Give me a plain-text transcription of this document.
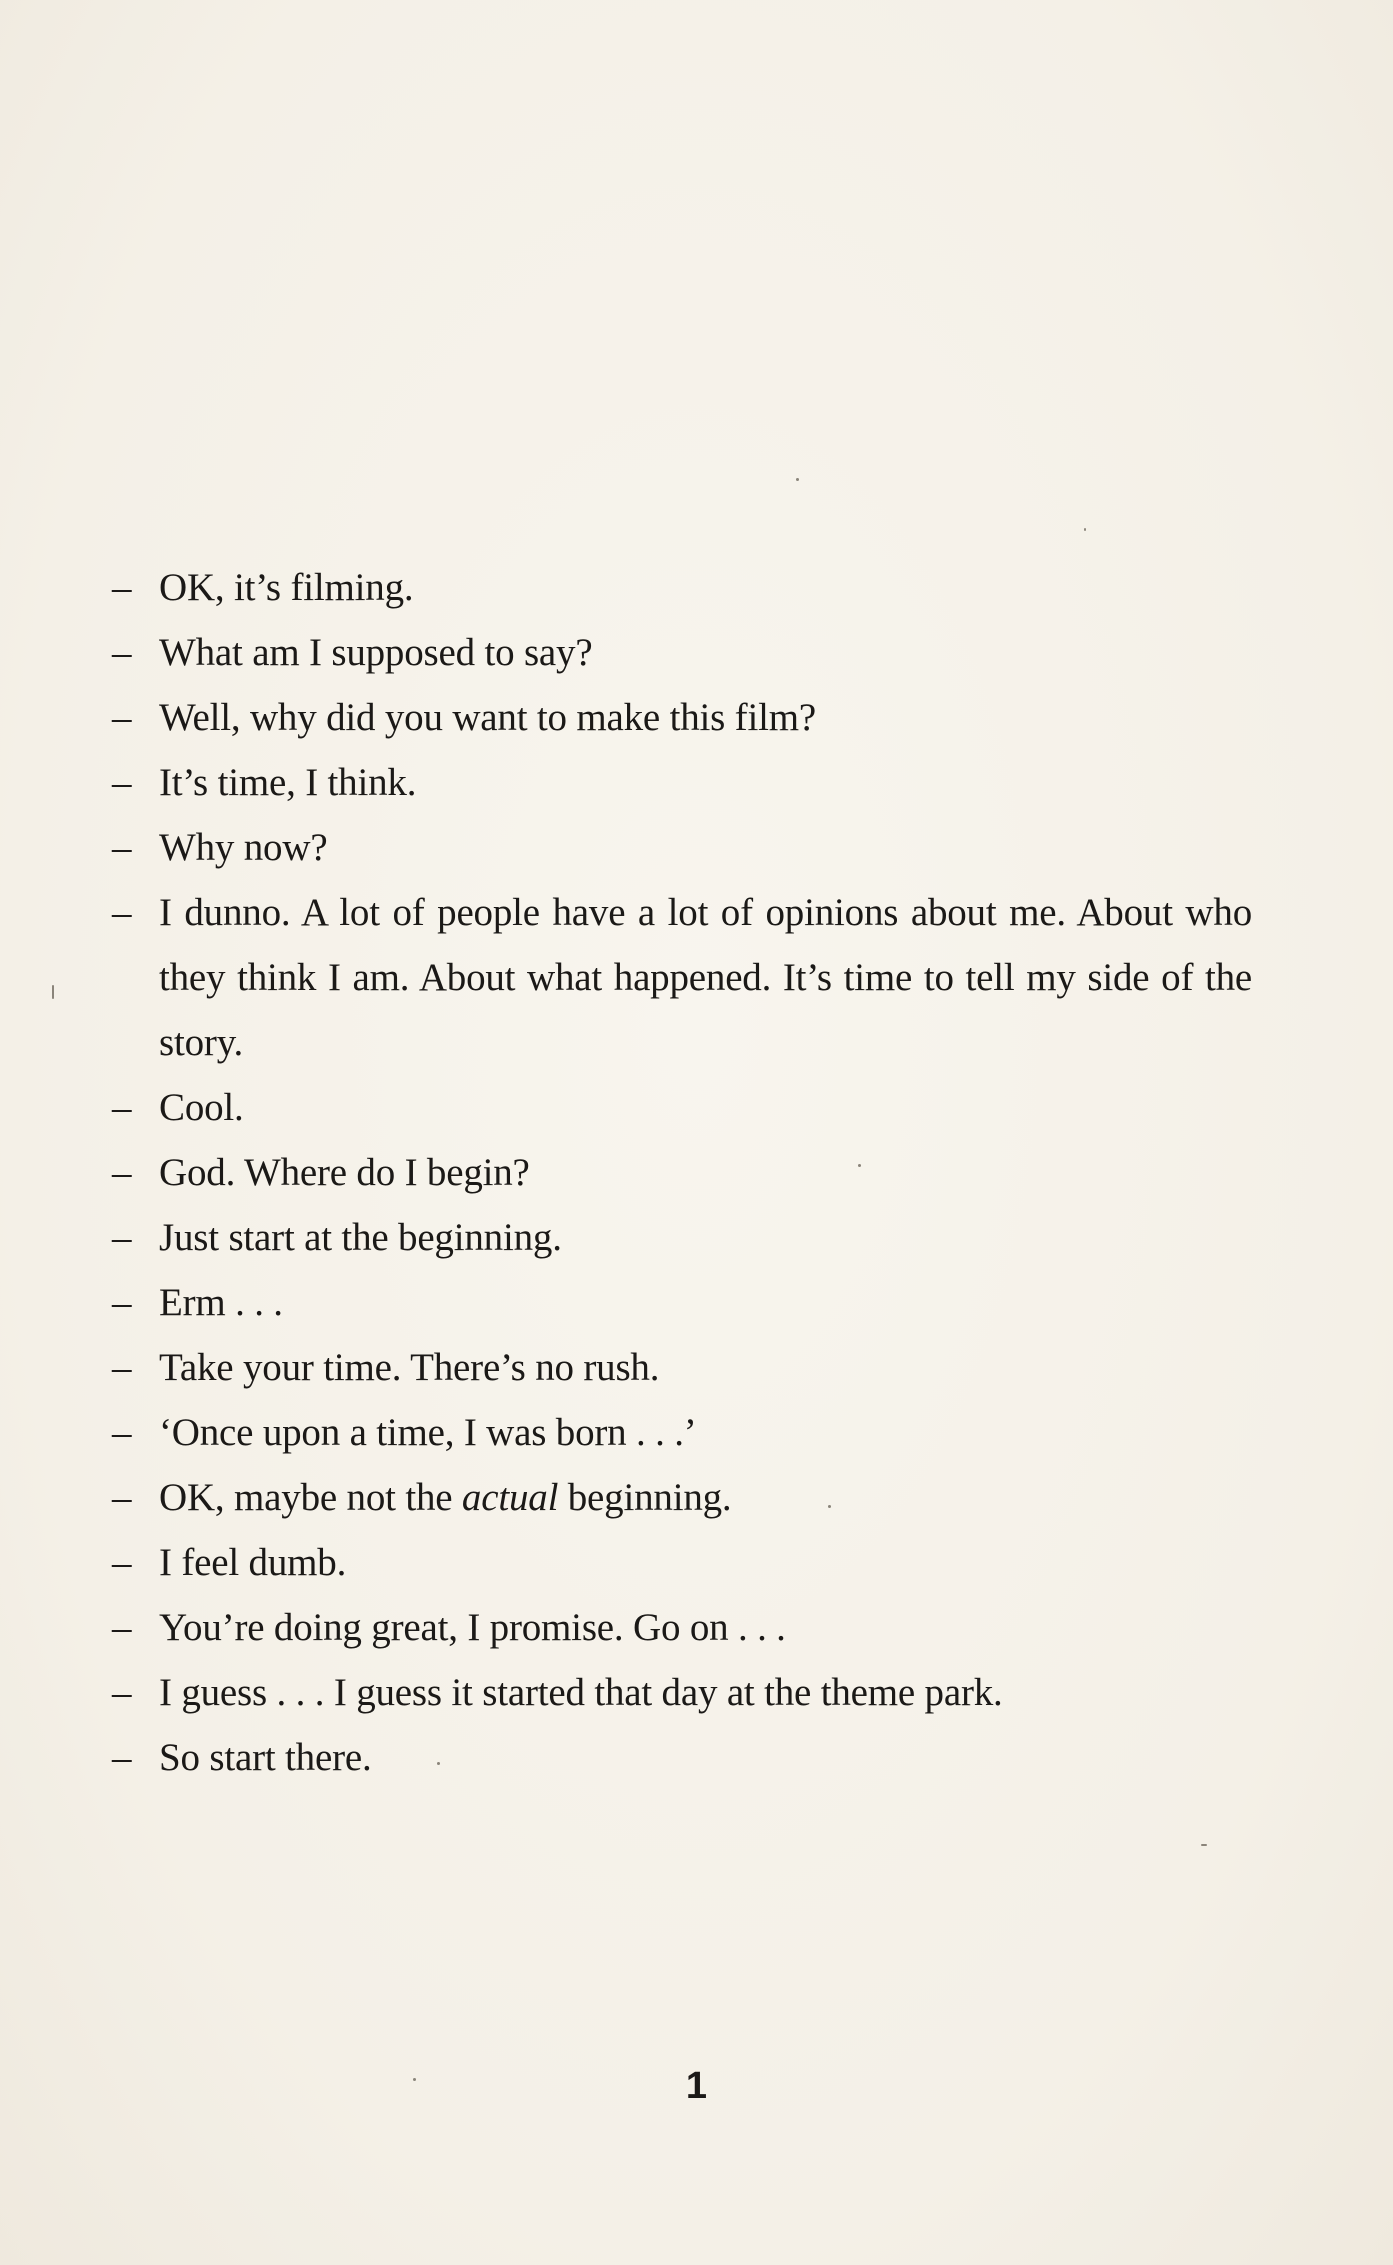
– OK, it’s filming.
– What am I supposed to say?
– Well, why did you want to make this film?
– It’s time, I think.
– Why now?
– I dunno. A lot of people have a lot of opinions about me. About who they think I am. About what happened. It’s time to tell my side of the story.
– Cool.
– God. Where do I begin?
– Just start at the beginning.
– Erm . . .
– Take your time. There’s no rush.
– ‘Once upon a time, I was born . . .’
– OK, maybe not the actual beginning.
– I feel dumb.
– You’re doing great, I promise. Go on . . .
– I guess . . . I guess it started that day at the theme park.
– So start there.
1
